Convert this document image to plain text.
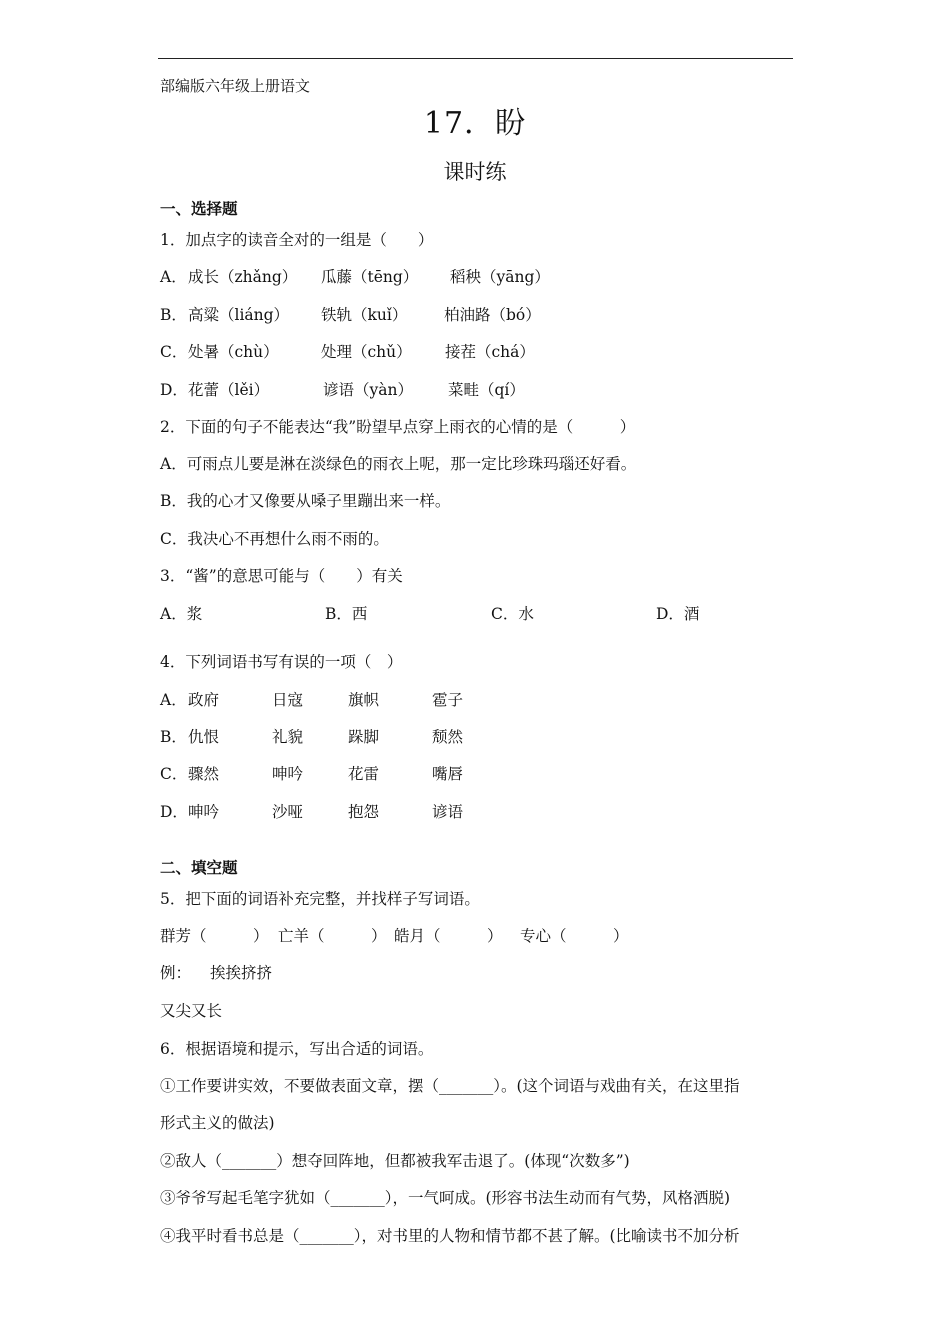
部编版六年级上册语文
17．盼
课时练
一、选择题
1．加点字的读音全对的一组是（　　）
A． 成长（zhǎng） 瓜藤（tēng） 稻秧（yāng）
B． 高粱（liáng） 铁轨（kuǐ） 柏油路（bó）
C． 处暑（chù）	处理（chǔ） 接茬（chá）
D． 花蕾（lěi）	谚语（yàn） 菜畦（qí）
2．下面的句子不能表达“我”盼望早点穿上雨衣的心情的是（　　　）
A．可雨点儿要是淋在淡绿色的雨衣上呢，那一定比珍珠玛瑙还好看。
B．我的心才又像要从嗓子里蹦出来一样。
C．我决心不再想什么雨不雨的。
3．“酱”的意思可能与（　　）有关
A．浆	B．西	C．水	D．酒
4．下列词语书写有误的一项（　）
A． 政府	日寇	旗帜	雹子
B． 仇恨	礼貌	跺脚	颓然
C． 骤然	呻吟	花雷	嘴唇
D． 呻吟	沙哑	抱怨	谚语
二、填空题
5．把下面的词语补充完整，并找样子写词语。
群芳（　　　） 亡羊（　　　） 皓月（　　　） 专心（　　　）
例： 挨挨挤挤
又尖又长
6．根据语境和提示，写出合适的词语。
①工作要讲实效，不要做表面文章，摆（_______）。(这个词语与戏曲有关，在这里指
形式主义的做法)
②敌人（_______）想夺回阵地，但都被我军击退了。(体现“次数多”)
③爷爷写起毛笔字犹如（_______），一气呵成。(形容书法生动而有气势，风格洒脱)
④我平时看书总是（_______），对书里的人物和情节都不甚了解。(比喻读书不加分析
